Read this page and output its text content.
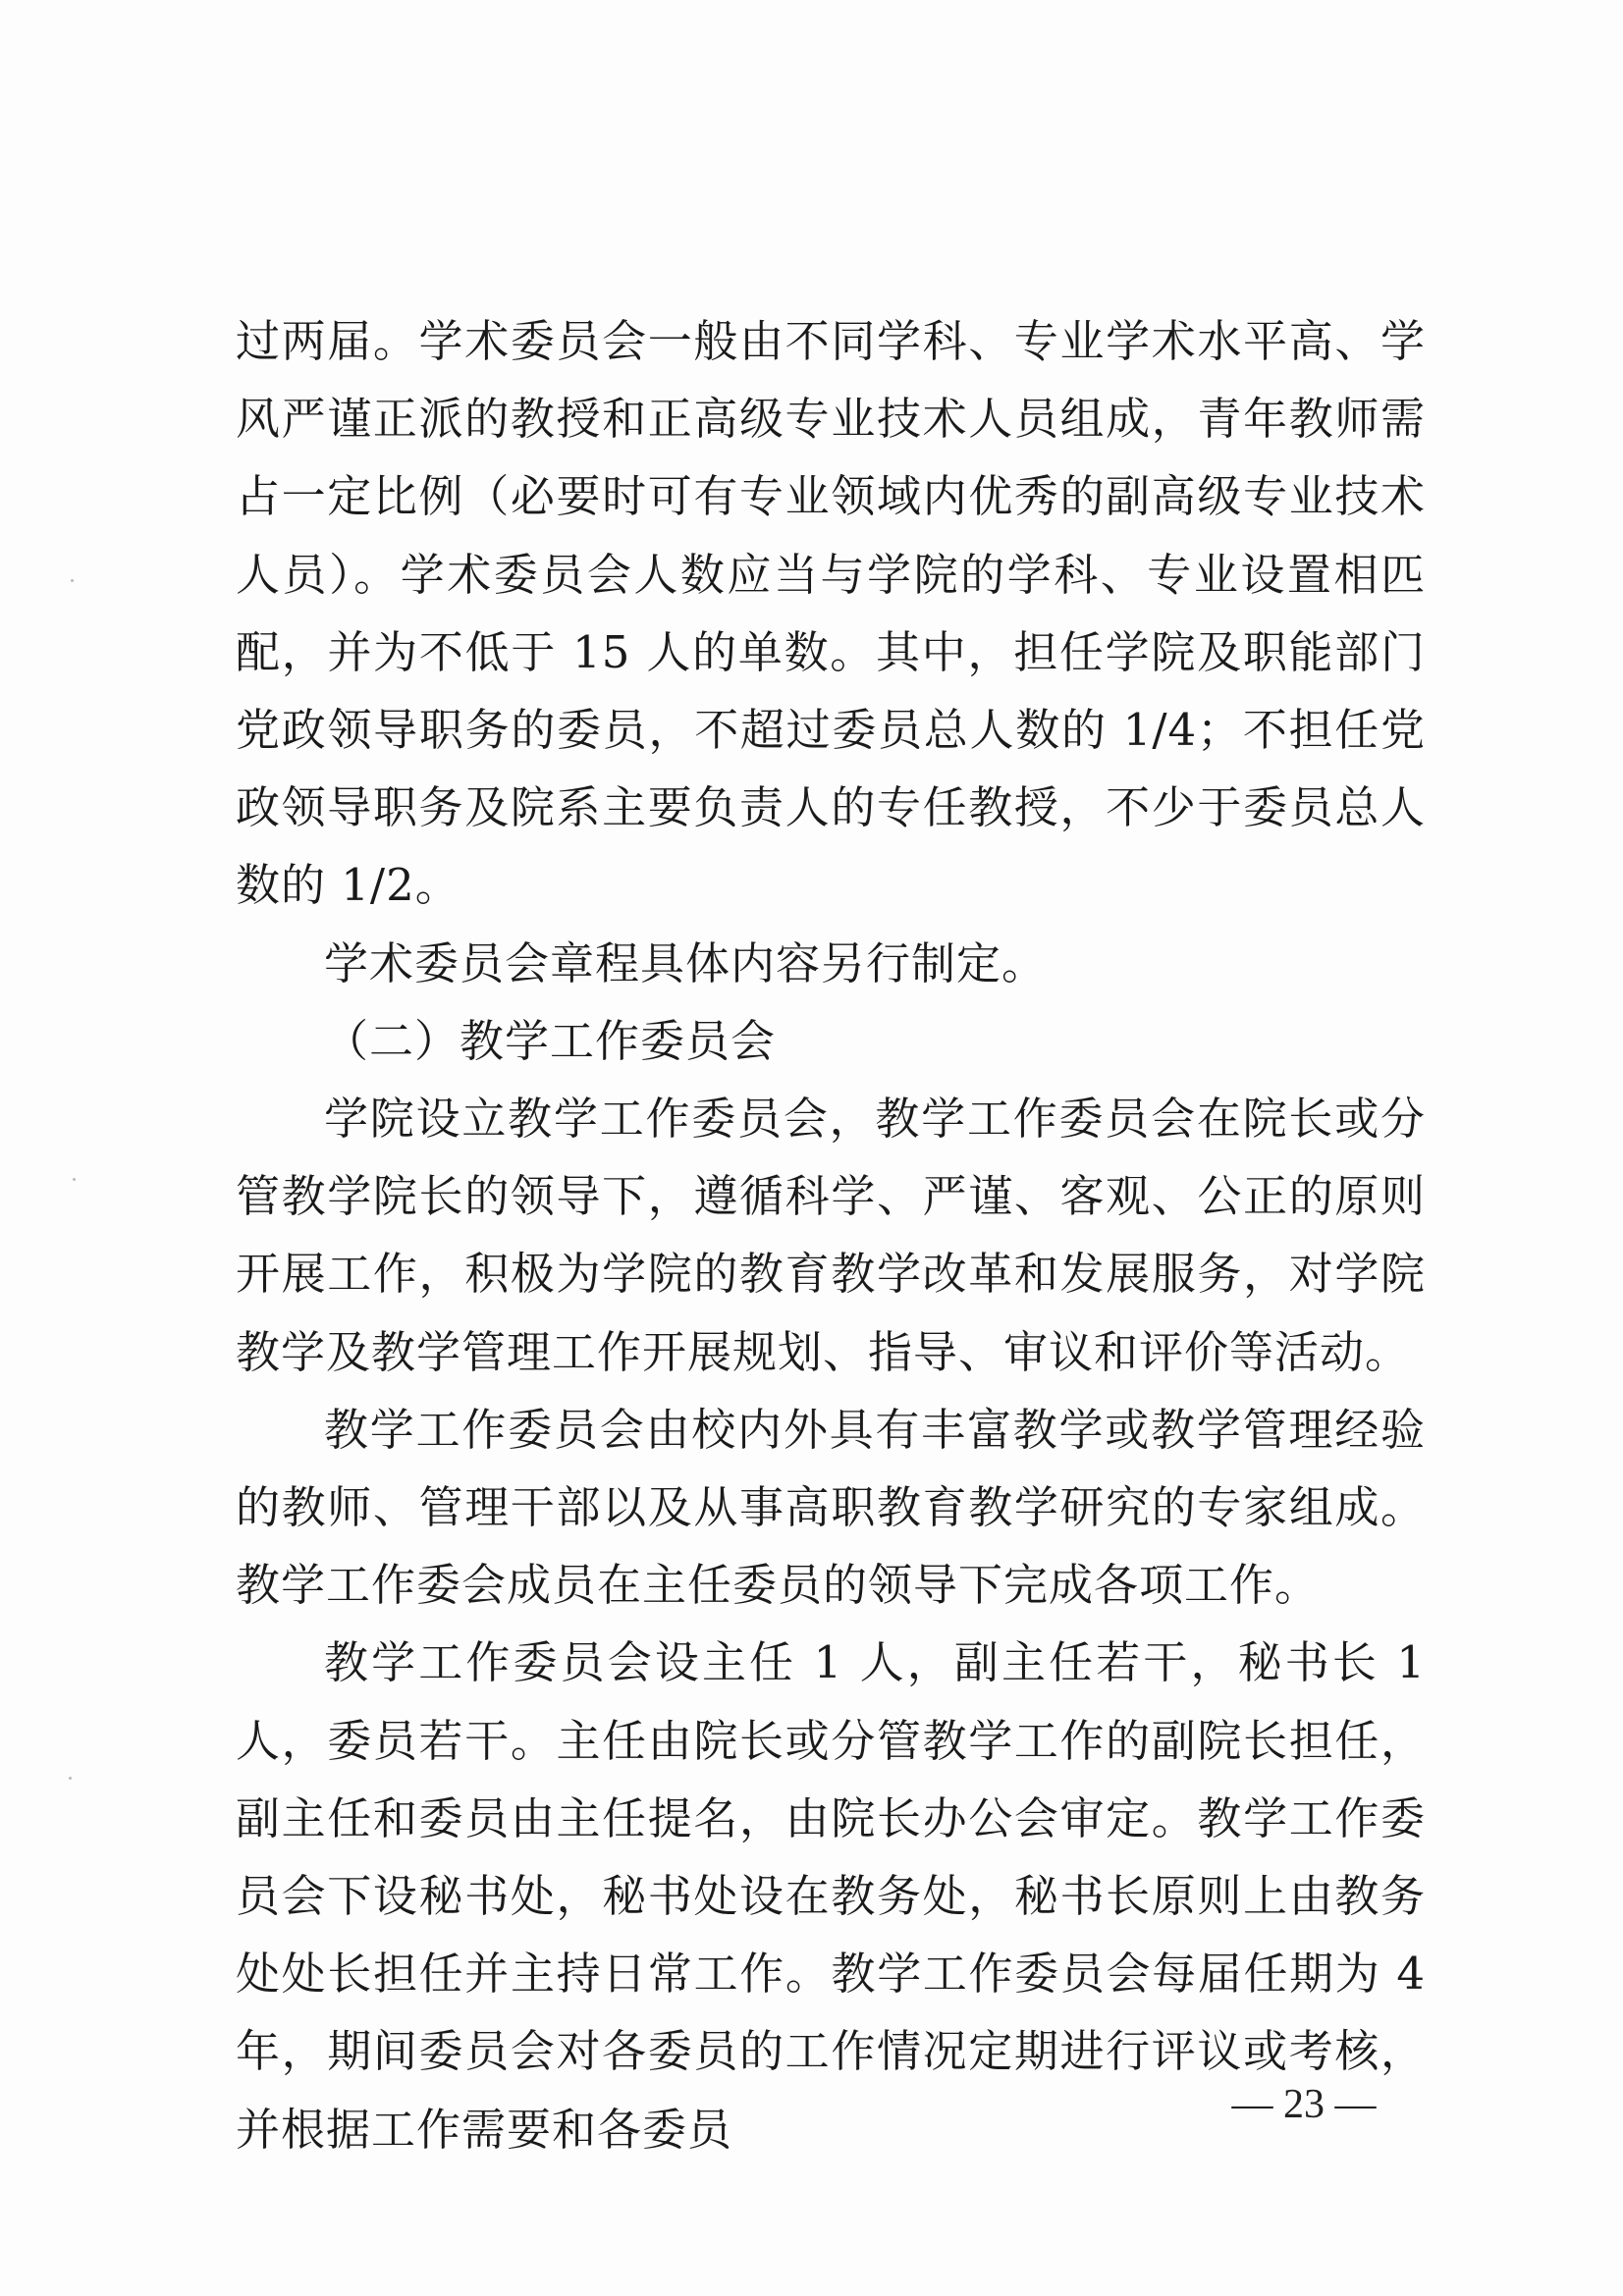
过两届。学术委员会一般由不同学科、专业学术水平高、学风严谨正派的教授和正高级专业技术人员组成，青年教师需占一定比例（必要时可有专业领域内优秀的副高级专业技术人员）。学术委员会人数应当与学院的学科、专业设置相匹配，并为不低于 15 人的单数。其中，担任学院及职能部门党政领导职务的委员，不超过委员总人数的 1/4；不担任党政领导职务及院系主要负责人的专任教授，不少于委员总人数的 1/2。

学术委员会章程具体内容另行制定。

（二）教学工作委员会

学院设立教学工作委员会，教学工作委员会在院长或分管教学院长的领导下，遵循科学、严谨、客观、公正的原则开展工作，积极为学院的教育教学改革和发展服务，对学院教学及教学管理工作开展规划、指导、审议和评价等活动。

教学工作委员会由校内外具有丰富教学或教学管理经验的教师、管理干部以及从事高职教育教学研究的专家组成。教学工作委会成员在主任委员的领导下完成各项工作。

教学工作委员会设主任 1 人，副主任若干，秘书长 1 人，委员若干。主任由院长或分管教学工作的副院长担任，副主任和委员由主任提名，由院长办公会审定。教学工作委员会下设秘书处，秘书处设在教务处，秘书长原则上由教务处处长担任并主持日常工作。教学工作委员会每届任期为 4 年，期间委员会对各委员的工作情况定期进行评议或考核，并根据工作需要和各委员	— 23 —
